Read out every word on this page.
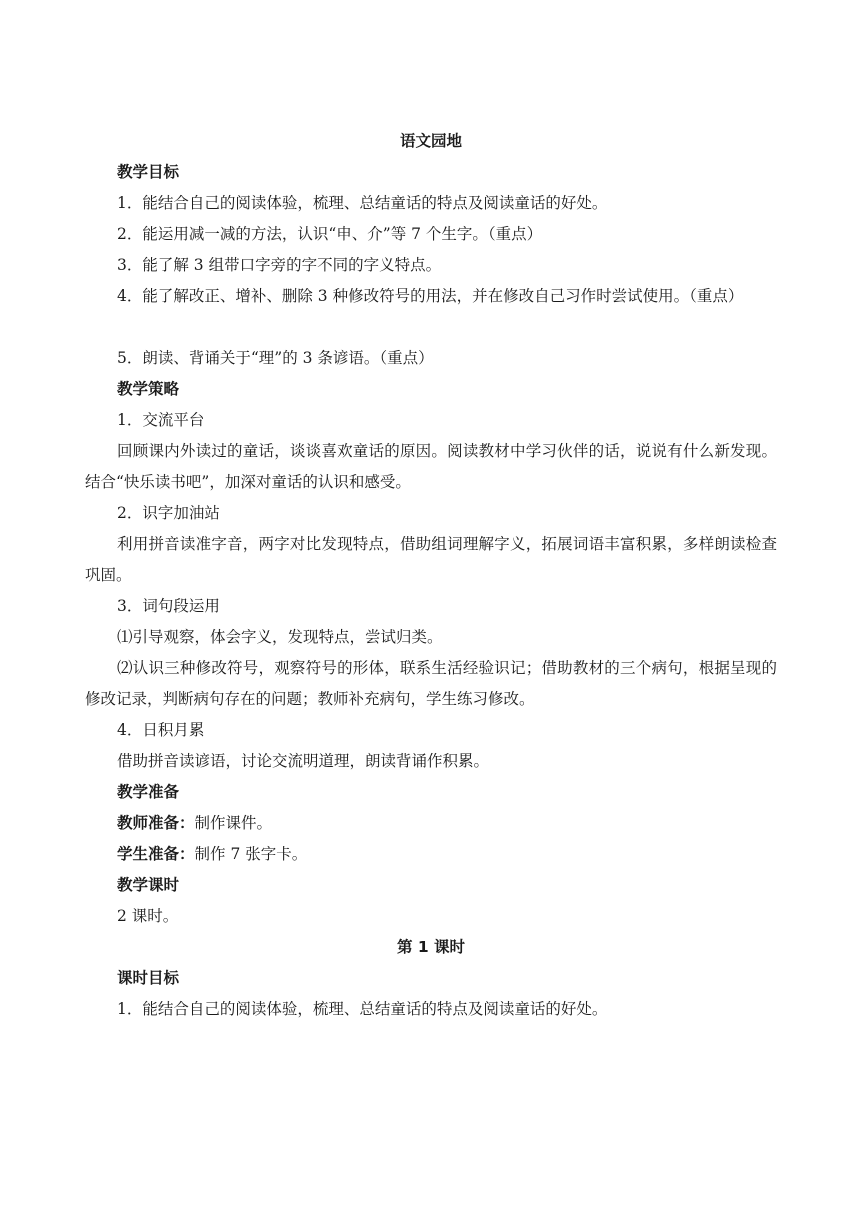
语文园地
教学目标
1．能结合自己的阅读体验，梳理、总结童话的特点及阅读童话的好处。
2．能运用减一减的方法，认识“申、介”等 7 个生字。（重点）
3．能了解 3 组带口字旁的字不同的字义特点。
4．能了解改正、增补、删除 3 种修改符号的用法，并在修改自己习作时尝试使用。（重点）
5．朗读、背诵关于“理”的 3 条谚语。（重点）
教学策略
1．交流平台
回顾课内外读过的童话，谈谈喜欢童话的原因。阅读教材中学习伙伴的话，说说有什么新发现。结合“快乐读书吧”，加深对童话的认识和感受。
2．识字加油站
利用拼音读准字音，两字对比发现特点，借助组词理解字义，拓展词语丰富积累，多样朗读检查巩固。
3．词句段运用
⑴引导观察，体会字义，发现特点，尝试归类。
⑵认识三种修改符号，观察符号的形体，联系生活经验识记；借助教材的三个病句，根据呈现的修改记录，判断病句存在的问题；教师补充病句，学生练习修改。
4．日积月累
借助拼音读谚语，讨论交流明道理，朗读背诵作积累。
教学准备
教师准备：制作课件。
学生准备：制作 7 张字卡。
教学课时
2 课时。
第 1 课时
课时目标
1．能结合自己的阅读体验，梳理、总结童话的特点及阅读童话的好处。
